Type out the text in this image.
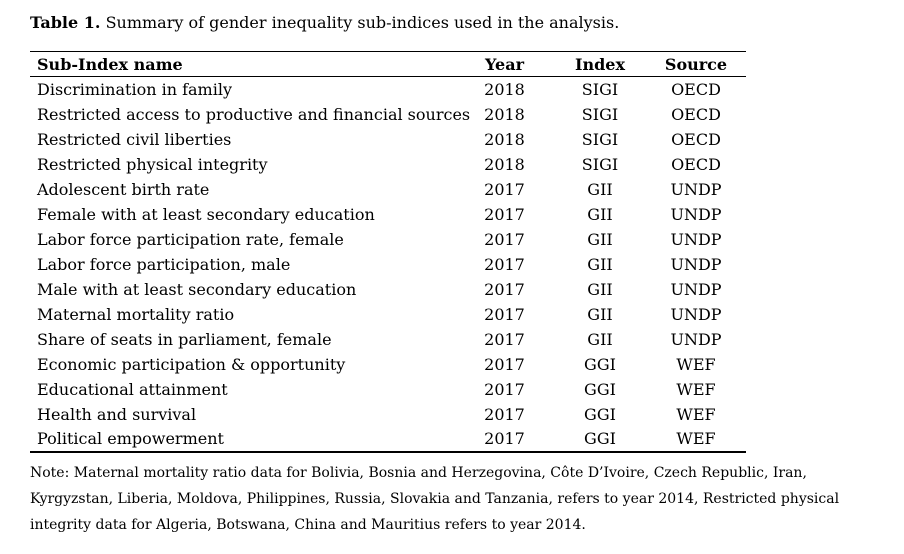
Table 1. Summary of gender inequality sub-indices used in the analysis.

Sub-Index name	Year	Index	Source
Discrimination in family	2018	SIGI	OECD
Restricted access to productive and financial sources	2018	SIGI	OECD
Restricted civil liberties	2018	SIGI	OECD
Restricted physical integrity	2018	SIGI	OECD
Adolescent birth rate	2017	GII	UNDP
Female with at least secondary education	2017	GII	UNDP
Labor force participation rate, female	2017	GII	UNDP
Labor force participation, male	2017	GII	UNDP
Male with at least secondary education	2017	GII	UNDP
Maternal mortality ratio	2017	GII	UNDP
Share of seats in parliament, female	2017	GII	UNDP
Economic participation & opportunity	2017	GGI	WEF
Educational attainment	2017	GGI	WEF
Health and survival	2017	GGI	WEF
Political empowerment	2017	GGI	WEF

Note: Maternal mortality ratio data for Bolivia, Bosnia and Herzegovina, Côte D’Ivoire, Czech Republic, Iran, Kyrgyzstan, Liberia, Moldova, Philippines, Russia, Slovakia and Tanzania, refers to year 2014, Restricted physical integrity data for Algeria, Botswana, China and Mauritius refers to year 2014.
